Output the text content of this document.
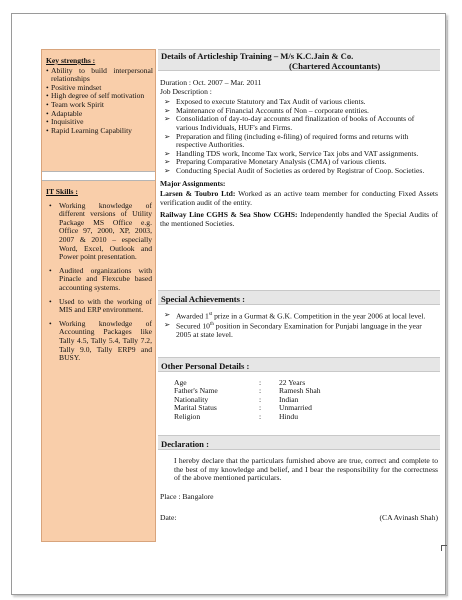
Key strengths :
• Ability to build interpersonal relationships
• Positive mindset
• High degree of self motivation
• Team work Spirit
• Adaptable
• Inquisitive
• Rapid Learning Capability
IT Skills :
• Working knowledge of different versions of Utility Package MS Office e.g. Office 97, 2000, XP, 2003, 2007 & 2010 – especially Word, Excel, Outlook and Power point presentation.
• Audited organizations with Pinacle and Flexcube based accounting systems.
• Used to with the working of MIS and ERP environment.
• Working knowledge of Accounting Packages like Tally 4.5, Tally 5.4, Tally 7.2, Tally 9.0, Tally ERP9 and BUSY.
Details of Articleship Training – M/s K.C.Jain & Co.
(Chartered Accountants)
Duration : Oct. 2007 – Mar. 2011
Job Description :
➢ Exposed to execute Statutory and Tax Audit of various clients.
➢ Maintenance of Financial Accounts of Non – corporate entities.
➢ Consolidation of day-to-day accounts and finalization of books of Accounts of various Individuals, HUF's and Firms.
➢ Preparation and filing (including e-filing) of required forms and returns with respective Authorities.
➢ Handling TDS work, Income Tax work, Service Tax jobs and VAT assignments.
➢ Preparing Comparative Monetary Analysis (CMA) of various clients.
➢ Conducting Special Audit of Societies as ordered by Registrar of Coop. Societies.
Major Assignments:
Larsen & Toubro Ltd: Worked as an active team member for conducting Fixed Assets verification audit of the entity.
Railway Line CGHS & Sea Show CGHS: Independently handled the Special Audits of the mentioned Societies.
Special Achievements :
➢ Awarded 1st prize in a Gurmat & G.K. Competition in the year 2006 at local level.
➢ Secured 10th position in Secondary Examination for Punjabi language in the year 2005 at state level.
Other Personal Details :
Age	:	22 Years
Father's Name	:	Ramesh Shah
Nationality	:	Indian
Marital Status	:	Unmarried
Religion	:	Hindu
Declaration :
I hereby declare that the particulars furnished above are true, correct and complete to the best of my knowledge and belief, and I bear the responsibility for the correctness of the above mentioned particulars.
Place : Bangalore
Date:	(CA Avinash Shah)
